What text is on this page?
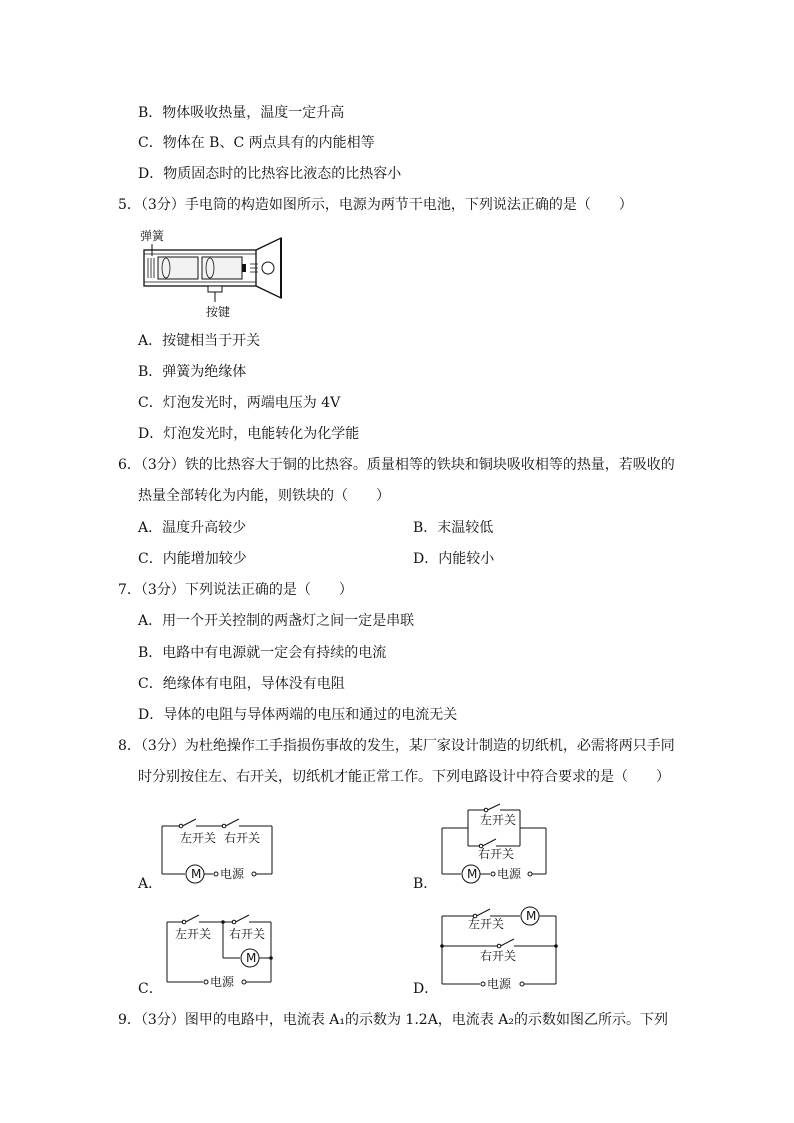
B．物体吸收热量，温度一定升高
C．物体在 B、C 两点具有的内能相等
D．物质固态时的比热容比液态的比热容小
5．（3分）手电筒的构造如图所示，电源为两节干电池，下列说法正确的是（　　）
弹簧
按键
A．按键相当于开关
B．弹簧为绝缘体
C．灯泡发光时，两端电压为 4V
D．灯泡发光时，电能转化为化学能
6．（3分）铁的比热容大于铜的比热容。质量相等的铁块和铜块吸收相等的热量，若吸收的
热量全部转化为内能，则铁块的（　　）
A．温度升高较少	B．末温较低
C．内能增加较少	D．内能较小
7．（3分）下列说法正确的是（　　）
A．用一个开关控制的两盏灯之间一定是串联
B．电路中有电源就一定会有持续的电流
C．绝缘体有电阻，导体没有电阻
D．导体的电阻与导体两端的电压和通过的电流无关
8．（3分）为杜绝操作工手指损伤事故的发生，某厂家设计制造的切纸机，必需将两只手同
时分别按住左、右开关，切纸机才能正常工作。下列电路设计中符合要求的是（　　）
A．
左开关 右开关
M 电源
B．
左开关
右开关
M 电源
C．
左开关 右开关
M
电源	D．
M
左开关
右开关
电源
9．（3分）图甲的电路中，电流表 A₁的示数为 1.2A，电流表 A₂的示数如图乙所示。下列
